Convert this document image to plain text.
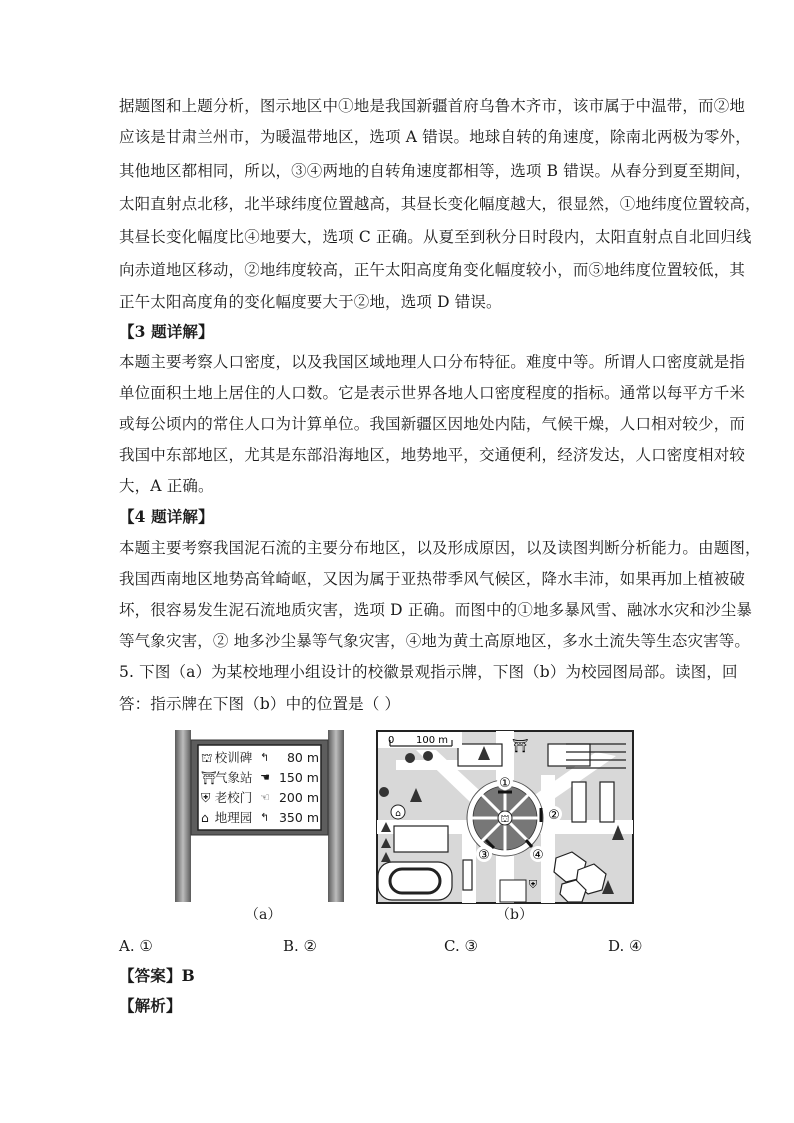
据题图和上题分析，图示地区中①地是我国新疆首府乌鲁木齐市，该市属于中温带，而②地
应该是甘肃兰州市，为暖温带地区，选项 A 错误。地球自转的角速度，除南北两极为零外，
其他地区都相同，所以，③④两地的自转角速度都相等，选项 B 错误。从春分到夏至期间，
太阳直射点北移，北半球纬度位置越高，其昼长变化幅度越大，很显然，①地纬度位置较高，
其昼长变化幅度比④地要大，选项 C 正确。从夏至到秋分日时段内，太阳直射点自北回归线
向赤道地区移动，②地纬度较高，正午太阳高度角变化幅度较小，而⑤地纬度位置较低，其
正午太阳高度角的变化幅度要大于②地，选项 D 错误。
【3 题详解】
本题主要考察人口密度，以及我国区域地理人口分布特征。难度中等。所谓人口密度就是指
单位面积土地上居住的人口数。它是表示世界各地人口密度程度的指标。通常以每平方千米
或每公顷内的常住人口为计算单位。我国新疆区因地处内陆，气候干燥，人口相对较少，而
我国中东部地区，尤其是东部沿海地区，地势地平，交通便利，经济发达，人口密度相对较
大，A 正确。
【4 题详解】
本题主要考察我国泥石流的主要分布地区，以及形成原因，以及读图判断分析能力。由题图，
我国西南地区地势高耸崎岖，又因为属于亚热带季风气候区，降水丰沛，如果再加上植被破
坏，很容易发生泥石流地质灾害，选项 D 正确。而图中的①地多暴风雪、融冰水灾和沙尘暴
等气象灾害，② 地多沙尘暴等气象灾害，④地为黄土高原地区，多水土流失等生态灾害等。
5. 下图（a）为某校地理小组设计的校徽景观指示牌，下图（b）为校园图局部。读图，回
答：指示牌在下图（b）中的位置是（ ）
⛫ 校训碑 ↰	80 m
⛩
气象站 ☚ 150 m
⛨ 老校门 ☜ 200 m
⌂ 地理园 ↰ 350 m
（a）
⛫
⌂
⛩
⛨
0 100 m
①
②
③	④
（b）
A. ①	B. ②	C. ③	D. ④
【答案】B
【解析】
